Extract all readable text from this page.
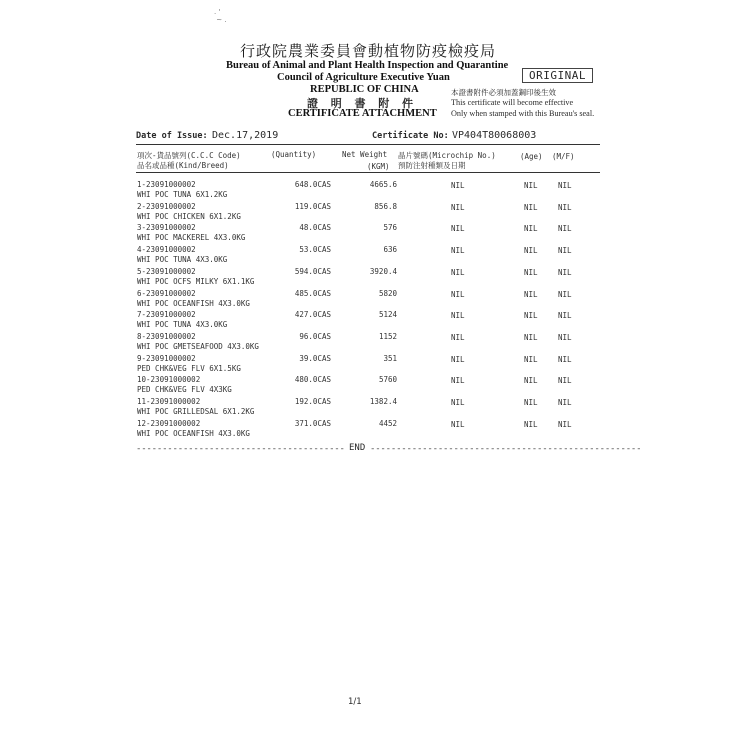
. '
~ .
行政院農業委員會動植物防疫檢疫局
Bureau of Animal and Plant Health Inspection and Quarantine
Council of Agriculture Executive Yuan
REPUBLIC OF CHINA
證 明 書 附 件
CERTIFICATE ATTACHMENT
ORIGINAL
本證書附件必須加蓋鋼印後生效
This certificate will become effective
Only when stamped with this Bureau's seal.
Date of Issue: Dec.17,2019	Certificate No: VP404T80068003
項次-貨品號列(C.C.C Code)
品名或品種(Kind/Breed)
(Quantity)	Net Weight
(KGM)
晶片號碼(Microchip No.)
預防注射種類及日期
(Age) (M/F)
1-23091000002
WHI POC TUNA 6X1.2KG
648.0CAS	4665.6	NIL	NIL	NIL
2-23091000002
WHI POC CHICKEN 6X1.2KG
119.0CAS	856.8	NIL	NIL	NIL
3-23091000002
WHI POC MACKEREL 4X3.0KG
48.0CAS	576	NIL	NIL	NIL
4-23091000002
WHI POC TUNA 4X3.0KG
53.0CAS	636	NIL	NIL	NIL
5-23091000002
WHI POC OCFS MILKY 6X1.1KG
594.0CAS	3920.4	NIL	NIL	NIL
6-23091000002
WHI POC OCEANFISH 4X3.0KG
485.0CAS	5820	NIL	NIL	NIL
7-23091000002
WHI POC TUNA 4X3.0KG
427.0CAS	5124	NIL	NIL	NIL
8-23091000002
WHI POC GMETSEAFOOD 4X3.0KG
96.0CAS	1152	NIL	NIL	NIL
9-23091000002
PED CHK&VEG FLV 6X1.5KG
39.0CAS	351	NIL	NIL	NIL
10-23091000002
PED CHK&VEG FLV 4X3KG
480.0CAS	5760	NIL	NIL	NIL
11-23091000002
WHI POC GRILLEDSAL 6X1.2KG
192.0CAS	1382.4	NIL	NIL	NIL
12-23091000002
WHI POC OCEANFISH 4X3.0KG
371.0CAS	4452	NIL	NIL	NIL
---------------------------------------- END ----------------------------------------------------
1/1
